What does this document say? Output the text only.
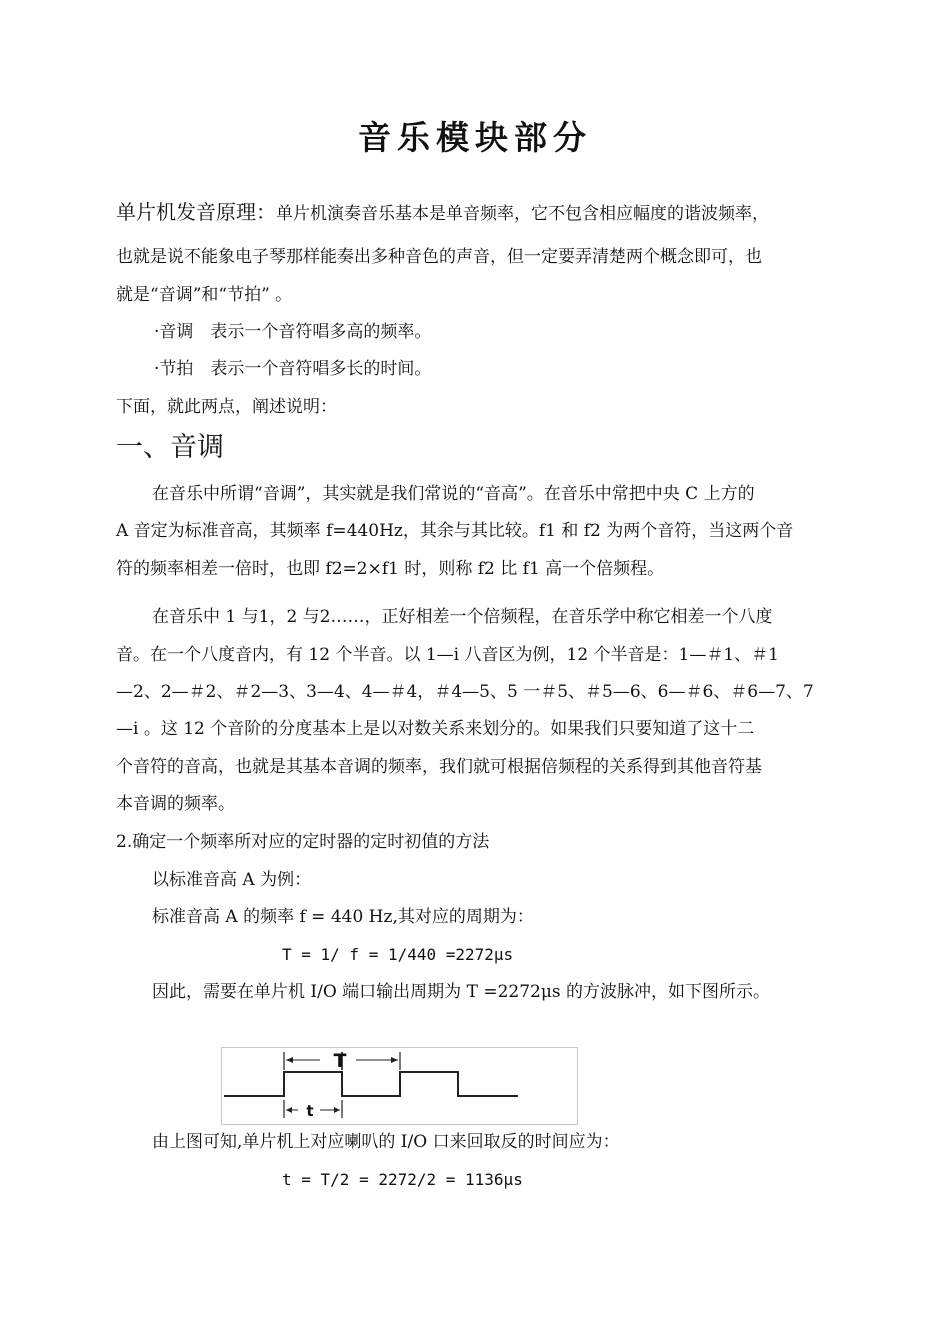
音乐模块部分
单片机发音原理：单片机演奏音乐基本是单音频率，它不包含相应幅度的谐波频率，
也就是说不能象电子琴那样能奏出多种音色的声音，但一定要弄清楚两个概念即可，也
就是“音调”和“节拍” 。
·音调　表示一个音符唱多高的频率。
·节拍　表示一个音符唱多长的时间。
下面，就此两点，阐述说明：
一、音调
在音乐中所谓“音调”，其实就是我们常说的“音高”。在音乐中常把中央 C 上方的
A 音定为标准音高，其频率 f=440Hz，其余与其比较。f1 和 f2 为两个音符，当这两个音
符的频率相差一倍时，也即 f2=2×f1 时，则称 f2 比 f1 高一个倍频程。
在音乐中 1 与1，2 与2……，正好相差一个倍频程，在音乐学中称它相差一个八度
音。在一个八度音内，有 12 个半音。以 1—i 八音区为例，12 个半音是：1—＃1、＃1
—2、2—＃2、＃2—3、3—4、4—＃4，＃4—5、5 一＃5、＃5—6、6—＃6、＃6—7、7
—i 。这 12 个音阶的分度基本上是以对数关系来划分的。如果我们只要知道了这十二
个音符的音高，也就是其基本音调的频率，我们就可根据倍频程的关系得到其他音符基
本音调的频率。
2.确定一个频率所对应的定时器的定时初值的方法
以标准音高 A 为例：
标准音高 A 的频率 f = 440 Hz,其对应的周期为：
T = 1/ f = 1/440 =2272μs
因此，需要在单片机 I/O 端口输出周期为 T =2272μs 的方波脉冲，如下图所示。
T
t
由上图可知,单片机上对应喇叭的 I/O 口来回取反的时间应为：
t = T/2 = 2272/2 = 1136μs
